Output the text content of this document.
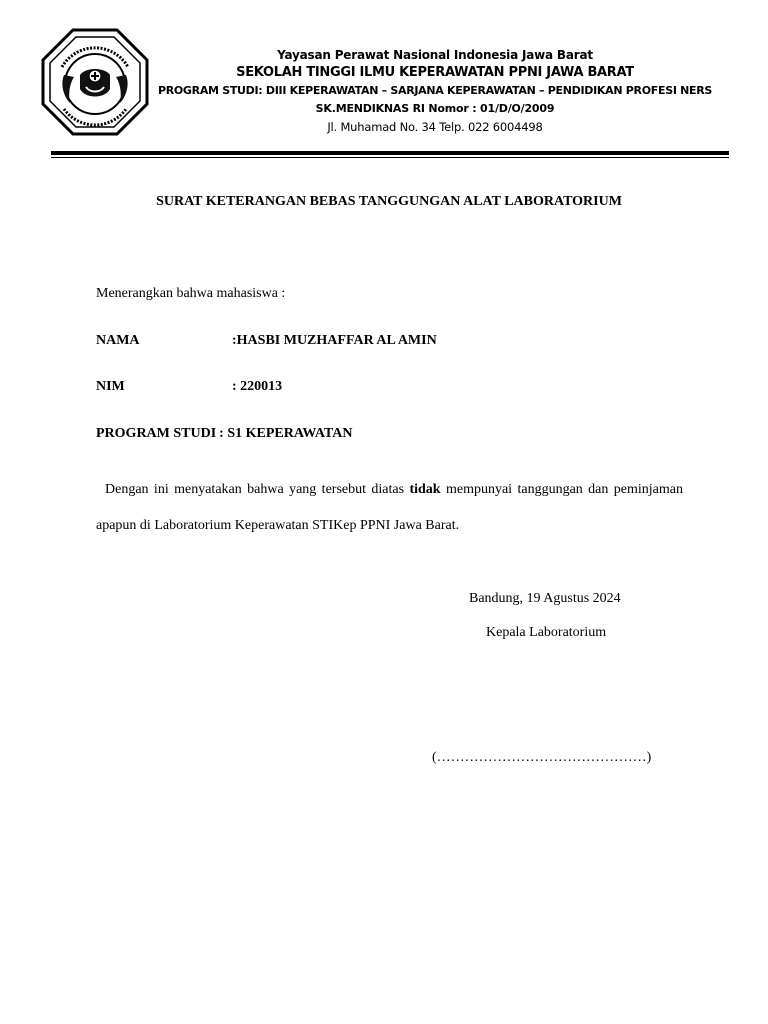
Yayasan Perawat Nasional Indonesia Jawa Barat
SEKOLAH TINGGI ILMU KEPERAWATAN PPNI JAWA BARAT
PROGRAM STUDI: DIII KEPERAWATAN – SARJANA KEPERAWATAN – PENDIDIKAN PROFESI NERS
SK.MENDIKNAS RI Nomor : 01/D/O/2009
Jl. Muhamad No. 34 Telp. 022 6004498
SURAT KETERANGAN BEBAS TANGGUNGAN ALAT LABORATORIUM
Menerangkan bahwa mahasiswa :
NAMA	:HASBI MUZHAFFAR AL AMIN
NIM	: 220013
PROGRAM STUDI : S1 KEPERAWATAN
Dengan ini menyatakan bahwa yang tersebut diatas tidak mempunyai tanggungan dan peminjaman apapun di Laboratorium Keperawatan STIKep PPNI Jawa Barat.
Bandung, 19 Agustus 2024
Kepala Laboratorium
(………………………………………)
